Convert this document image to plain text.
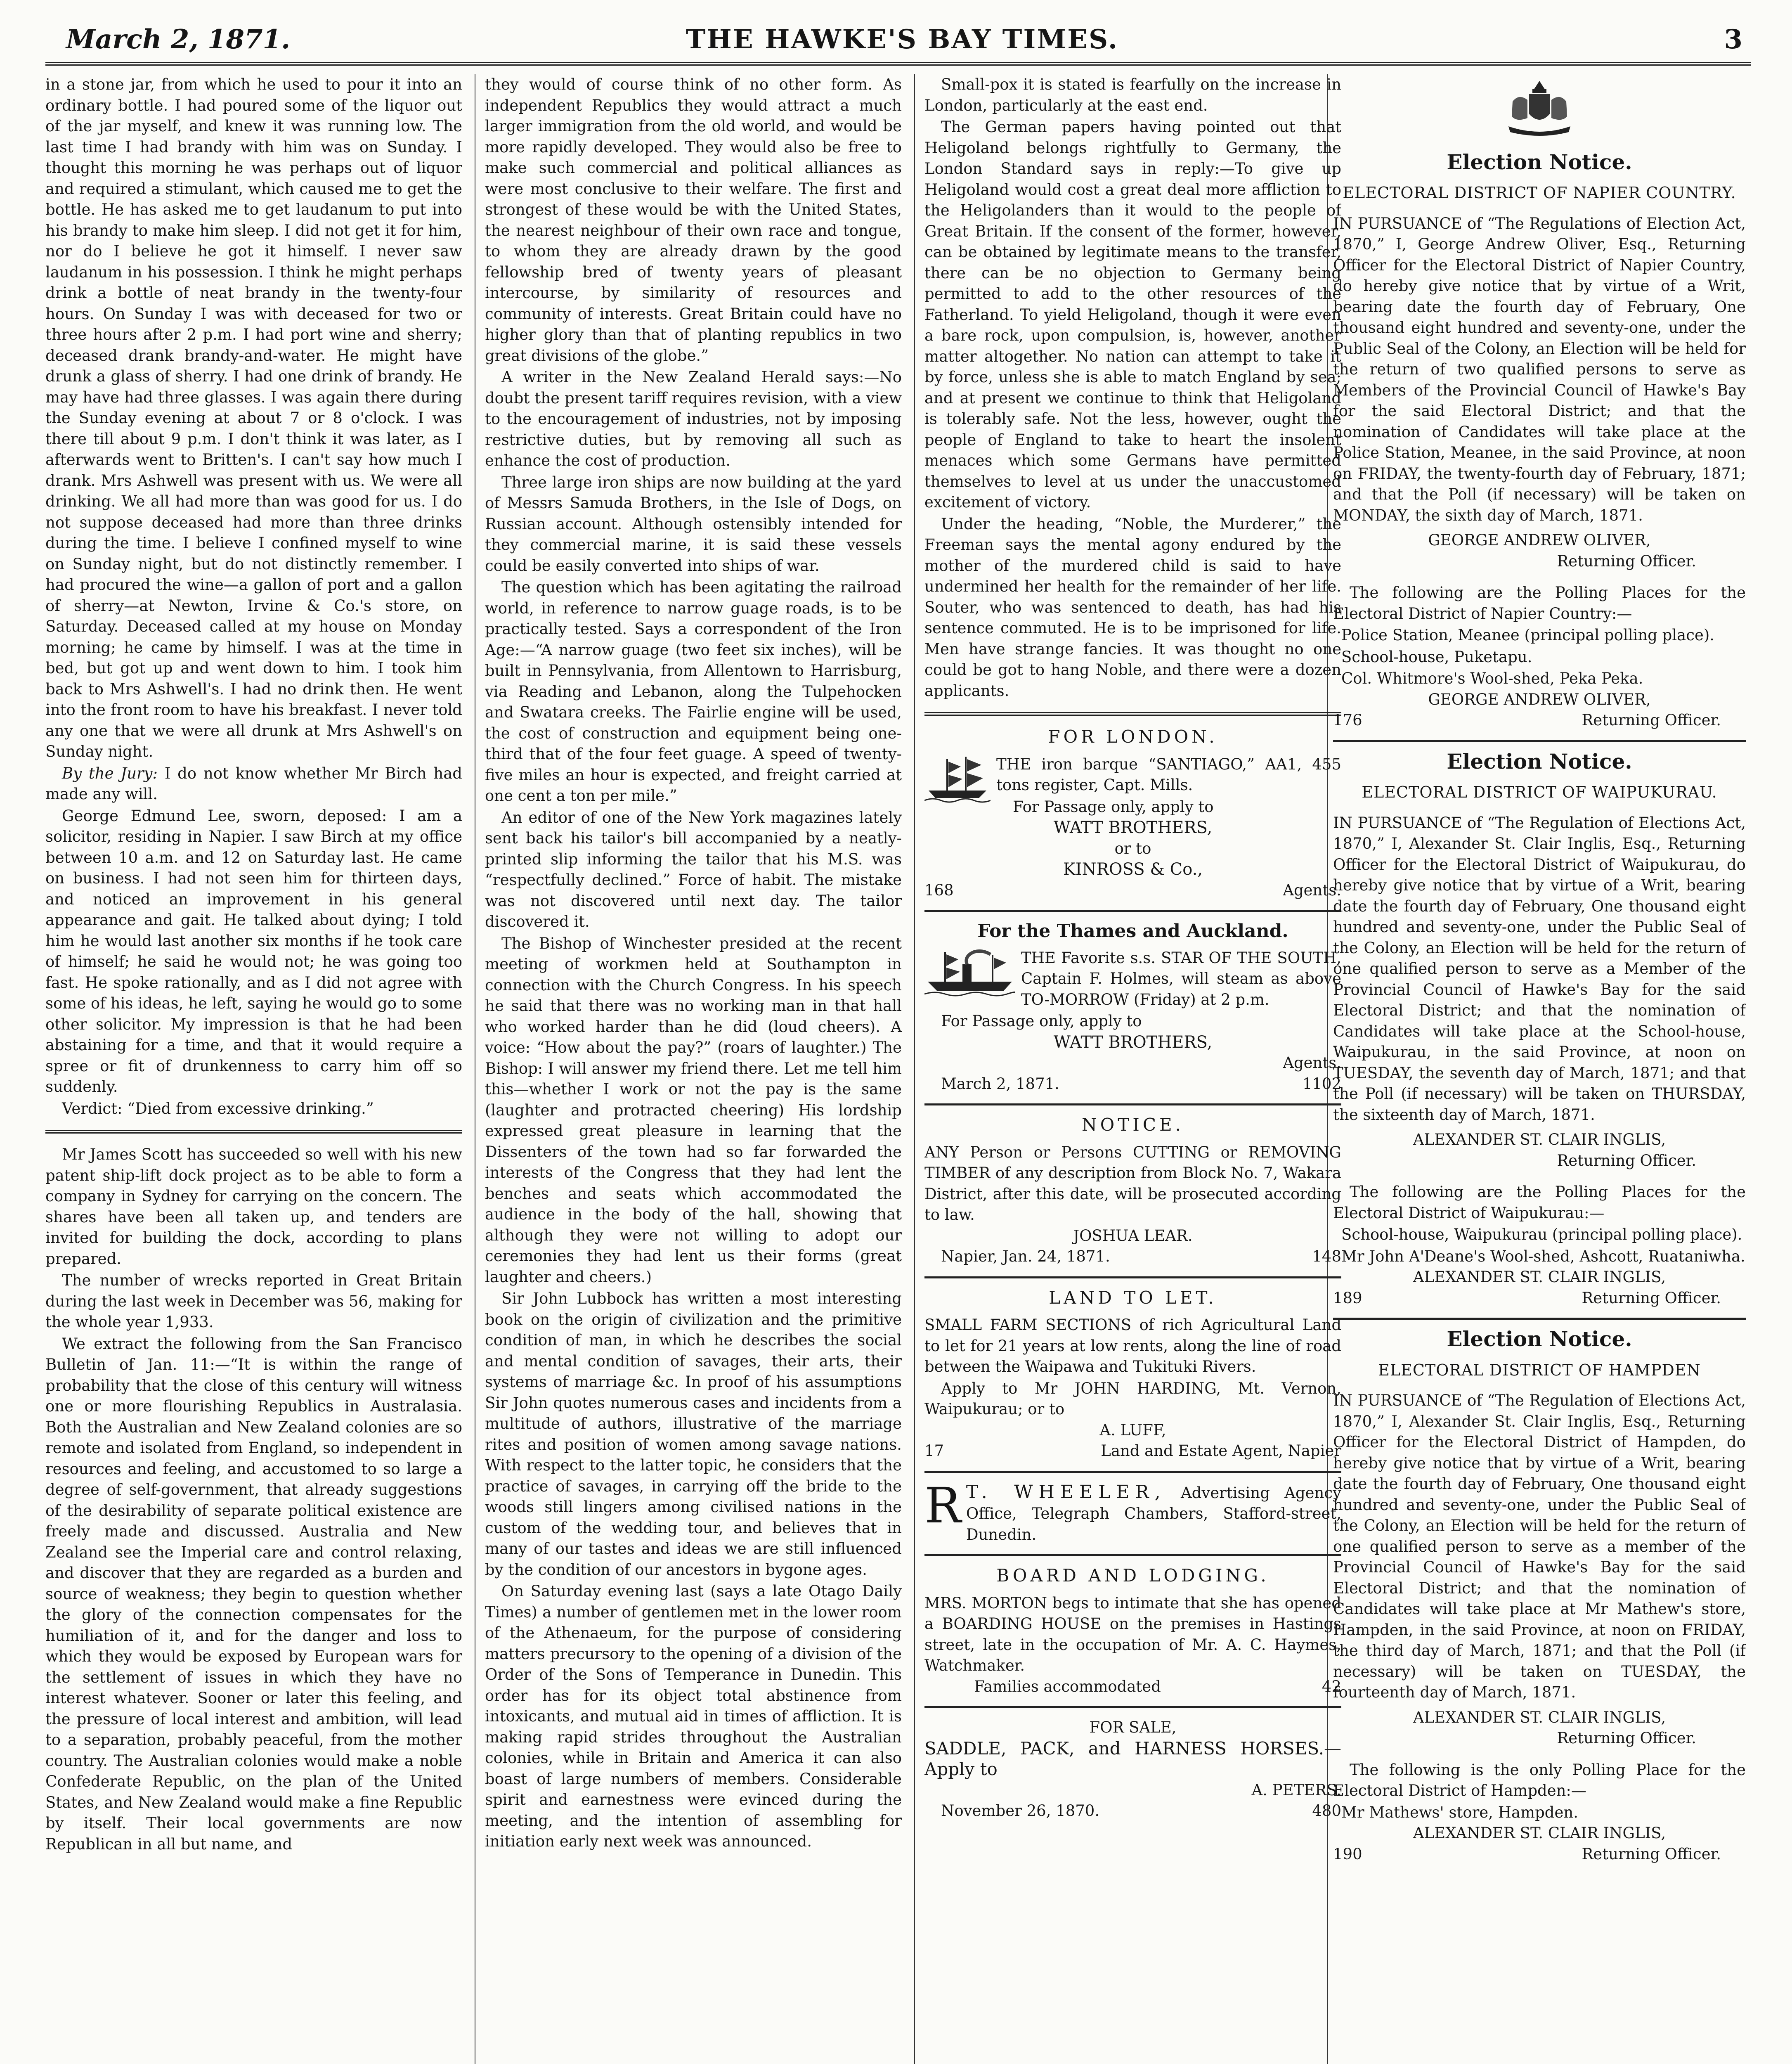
THE HAWKE'S BAY TIMES.
March 2, 1871.	3

in a stone jar, from which he used to pour it into an ordinary bottle. I had poured some of the liquor out of the jar myself, and knew it was running low. The last time I had brandy with him was on Sunday. I thought this morning he was perhaps out of liquor and required a stimulant, which caused me to get the bottle. He has asked me to get laudanum to put into his brandy to make him sleep. I did not get it for him, nor do I believe he got it himself. I never saw laudanum in his possession. I think he might perhaps drink a bottle of neat brandy in the twenty-four hours. On Sunday I was with deceased for two or three hours after 2 p.m. I had port wine and sherry; deceased drank brandy-and-water. He might have drunk a glass of sherry. I had one drink of brandy. He may have had three glasses. I was again there during the Sunday evening at about 7 or 8 o'clock. I was there till about 9 p.m. I don't think it was later, as I afterwards went to Britten's. I can't say how much I drank. Mrs Ashwell was present with us. We were all drinking. We all had more than was good for us. I do not suppose deceased had more than three drinks during the time. I believe I confined myself to wine on Sunday night, but do not distinctly remember. I had procured the wine—a gallon of port and a gallon of sherry—at Newton, Irvine & Co.'s store, on Saturday. Deceased called at my house on Monday morning; he came by himself. I was at the time in bed, but got up and went down to him. I took him back to Mrs Ashwell's. I had no drink then. He went into the front room to have his breakfast. I never told any one that we were all drunk at Mrs Ashwell's on Sunday night.

By the Jury: I do not know whether Mr Birch had made any will.

George Edmund Lee, sworn, deposed: I am a solicitor, residing in Napier. I saw Birch at my office between 10 a.m. and 12 on Saturday last. He came on business. I had not seen him for thirteen days, and noticed an improvement in his general appearance and gait. He talked about dying; I told him he would last another six months if he took care of himself; he said he would not; he was going too fast. He spoke rationally, and as I did not agree with some of his ideas, he left, saying he would go to some other solicitor. My impression is that he had been abstaining for a time, and that it would require a spree or fit of drunkenness to carry him off so suddenly.

Verdict: “Died from excessive drinking.”

Mr James Scott has succeeded so well with his new patent ship-lift dock project as to be able to form a company in Sydney for carrying on the concern. The shares have been all taken up, and tenders are invited for building the dock, according to plans prepared.

The number of wrecks reported in Great Britain during the last week in December was 56, making for the whole year 1,933.

We extract the following from the San Francisco Bulletin of Jan. 11:—“It is within the range of probability that the close of this century will witness one or more flourishing Republics in Australasia. Both the Australian and New Zealand colonies are so remote and isolated from England, so independent in resources and feeling, and accustomed to so large a degree of self-government, that already suggestions of the desirability of separate political existence are freely made and discussed. Australia and New Zealand see the Imperial care and control relaxing, and discover that they are regarded as a burden and source of weakness; they begin to question whether the glory of the connection compensates for the humiliation of it, and for the danger and loss to which they would be exposed by European wars for the settlement of issues in which they have no interest whatever. Sooner or later this feeling, and the pressure of local interest and ambition, will lead to a separation, probably peaceful, from the mother country. The Australian colonies would make a noble Confederate Republic, on the plan of the United States, and New Zealand would make a fine Republic by itself. Their local governments are now Republican in all but name, and

they would of course think of no other form. As independent Republics they would attract a much larger immigration from the old world, and would be more rapidly developed. They would also be free to make such commercial and political alliances as were most conclusive to their welfare. The first and strongest of these would be with the United States, the nearest neighbour of their own race and tongue, to whom they are already drawn by the good fellowship bred of twenty years of pleasant intercourse, by similarity of resources and community of interests. Great Britain could have no higher glory than that of planting republics in two great divisions of the globe.”

A writer in the New Zealand Herald says:—No doubt the present tariff requires revision, with a view to the encouragement of industries, not by imposing restrictive duties, but by removing all such as enhance the cost of production.

Three large iron ships are now building at the yard of Messrs Samuda Brothers, in the Isle of Dogs, on Russian account. Although ostensibly intended for they commercial marine, it is said these vessels could be easily converted into ships of war.

The question which has been agitating the railroad world, in reference to narrow guage roads, is to be practically tested. Says a correspondent of the Iron Age:—“A narrow guage (two feet six inches), will be built in Pennsylvania, from Allentown to Harrisburg, via Reading and Lebanon, along the Tulpehocken and Swatara creeks. The Fairlie engine will be used, the cost of construction and equipment being one-third that of the four feet guage. A speed of twenty-five miles an hour is expected, and freight carried at one cent a ton per mile.”

An editor of one of the New York magazines lately sent back his tailor's bill accompanied by a neatly-printed slip informing the tailor that his M.S. was “respectfully declined.” Force of habit. The mistake was not discovered until next day. The tailor discovered it.

The Bishop of Winchester presided at the recent meeting of workmen held at Southampton in connection with the Church Congress. In his speech he said that there was no working man in that hall who worked harder than he did (loud cheers). A voice: “How about the pay?” (roars of laughter.) The Bishop: I will answer my friend there. Let me tell him this—whether I work or not the pay is the same (laughter and protracted cheering) His lordship expressed great pleasure in learning that the Dissenters of the town had so far forwarded the interests of the Congress that they had lent the benches and seats which accommodated the audience in the body of the hall, showing that although they were not willing to adopt our ceremonies they had lent us their forms (great laughter and cheers.)

Sir John Lubbock has written a most interesting book on the origin of civilization and the primitive condition of man, in which he describes the social and mental condition of savages, their arts, their systems of marriage &c. In proof of his assumptions Sir John quotes numerous cases and incidents from a multitude of authors, illustrative of the marriage rites and position of women among savage nations. With respect to the latter topic, he considers that the practice of savages, in carrying off the bride to the woods still lingers among civilised nations in the custom of the wedding tour, and believes that in many of our tastes and ideas we are still influenced by the condition of our ancestors in bygone ages.

On Saturday evening last (says a late Otago Daily Times) a number of gentlemen met in the lower room of the Athenaeum, for the purpose of considering matters precursory to the opening of a division of the Order of the Sons of Temperance in Dunedin. This order has for its object total abstinence from intoxicants, and mutual aid in times of affliction. It is making rapid strides throughout the Australian colonies, while in Britain and America it can also boast of large numbers of members. Considerable spirit and earnestness were evinced during the meeting, and the intention of assembling for initiation early next week was announced.

Small-pox it is stated is fearfully on the increase in London, particularly at the east end.

The German papers having pointed out that Heligoland belongs rightfully to Germany, the London Standard says in reply:—To give up Heligoland would cost a great deal more affliction to the Heligolanders than it would to the people of Great Britain. If the consent of the former, however, can be obtained by legitimate means to the transfer, there can be no objection to Germany being permitted to add to the other resources of the Fatherland. To yield Heligoland, though it were even a bare rock, upon compulsion, is, however, another matter altogether. No nation can attempt to take it by force, unless she is able to match England by sea; and at present we continue to think that Heligoland is tolerably safe. Not the less, however, ought the people of England to take to heart the insolent menaces which some Germans have permitted themselves to level at us under the unaccustomed excitement of victory.

Under the heading, “Noble, the Murderer,” the Freeman says the mental agony endured by the mother of the murdered child is said to have undermined her health for the remainder of her life. Souter, who was sentenced to death, has had his sentence commuted. He is to be imprisoned for life. Men have strange fancies. It was thought no one could be got to hang Noble, and there were a dozen applicants.

FOR LONDON.

THE iron barque “SANTIAGO,” AA1, 455 tons register, Capt. Mills.

For Passage only, apply to

WATT BROTHERS,
or to
KINROSS & Co.,
168	Agents.
For the Thames and Auckland.

THE Favorite s.s. STAR OF THE SOUTH, Captain F. Holmes, will steam as above TO-MORROW (Friday) at 2 p.m.

For Passage only, apply to

WATT BROTHERS,
Agents.
March 2, 1871.	1102
NOTICE.

ANY Person or Persons CUTTING or REMOVING TIMBER of any description from Block No. 7, Wakara District, after this date, will be prosecuted according to law.

JOSHUA LEAR.
Napier, Jan. 24, 1871.	148
LAND TO LET.

SMALL FARM SECTIONS of rich Agricultural Land to let for 21 years at low rents, along the line of road between the Waipawa and Tukituki Rivers.

Apply to Mr JOHN HARDING, Mt. Vernon, Waipukurau; or to

A. LUFF,
17	Land and Estate Agent, Napier

R T. WHEELER, Advertising Agency Office, Telegraph Chambers, Stafford-street, Dunedin.

BOARD AND LODGING.

MRS. MORTON begs to intimate that she has opened a BOARDING HOUSE on the premises in Hastings street, late in the occupation of Mr. A. C. Haymes, Watchmaker.

Families accommodated	42
FOR SALE,

SADDLE, PACK, and HARNESS HORSES.—Apply to

A. PETERS.
November 26, 1870.	480
Election Notice.
ELECTORAL DISTRICT OF NAPIER COUNTRY.

IN PURSUANCE of “The Regulations of Election Act, 1870,” I, George Andrew Oliver, Esq., Returning Officer for the Electoral District of Napier Country, do hereby give notice that by virtue of a Writ, bearing date the fourth day of February, One thousand eight hundred and seventy-one, under the Public Seal of the Colony, an Election will be held for the return of two qualified persons to serve as Members of the Provincial Council of Hawke's Bay for the said Electoral District; and that the nomination of Candidates will take place at the Police Station, Meanee, in the said Province, at noon on FRIDAY, the twenty-fourth day of February, 1871; and that the Poll (if necessary) will be taken on MONDAY, the sixth day of March, 1871.

GEORGE ANDREW OLIVER,
Returning Officer.

The following are the Polling Places for the Electoral District of Napier Country:—

Police Station, Meanee (principal polling place).

School-house, Puketapu.

Col. Whitmore's Wool-shed, Peka Peka.

GEORGE ANDREW OLIVER,
176	Returning Officer.
Election Notice.
ELECTORAL DISTRICT OF WAIPUKURAU.

IN PURSUANCE of “The Regulation of Elections Act, 1870,” I, Alexander St. Clair Inglis, Esq., Returning Officer for the Electoral District of Waipukurau, do hereby give notice that by virtue of a Writ, bearing date the fourth day of February, One thousand eight hundred and seventy-one, under the Public Seal of the Colony, an Election will be held for the return of one qualified person to serve as a Member of the Provincial Council of Hawke's Bay for the said Electoral District; and that the nomination of Candidates will take place at the School-house, Waipukurau, in the said Province, at noon on TUESDAY, the seventh day of March, 1871; and that the Poll (if necessary) will be taken on THURSDAY, the sixteenth day of March, 1871.

ALEXANDER ST. CLAIR INGLIS,
Returning Officer.

The following are the Polling Places for the Electoral District of Waipukurau:—

School-house, Waipukurau (principal polling place).

Mr John A'Deane's Wool-shed, Ashcott, Ruataniwha.

ALEXANDER ST. CLAIR INGLIS,
189	Returning Officer.
Election Notice.
ELECTORAL DISTRICT OF HAMPDEN

IN PURSUANCE of “The Regulation of Elections Act, 1870,” I, Alexander St. Clair Inglis, Esq., Returning Officer for the Electoral District of Hampden, do hereby give notice that by virtue of a Writ, bearing date the fourth day of February, One thousand eight hundred and seventy-one, under the Public Seal of the Colony, an Election will be held for the return of one qualified person to serve as a member of the Provincial Council of Hawke's Bay for the said Electoral District; and that the nomination of Candidates will take place at Mr Mathew's store, Hampden, in the said Province, at noon on FRIDAY, the third day of March, 1871; and that the Poll (if necessary) will be taken on TUESDAY, the fourteenth day of March, 1871.

ALEXANDER ST. CLAIR INGLIS,
Returning Officer.

The following is the only Polling Place for the Electoral District of Hampden:—

Mr Mathews' store, Hampden.

ALEXANDER ST. CLAIR INGLIS,
190	Returning Officer.
